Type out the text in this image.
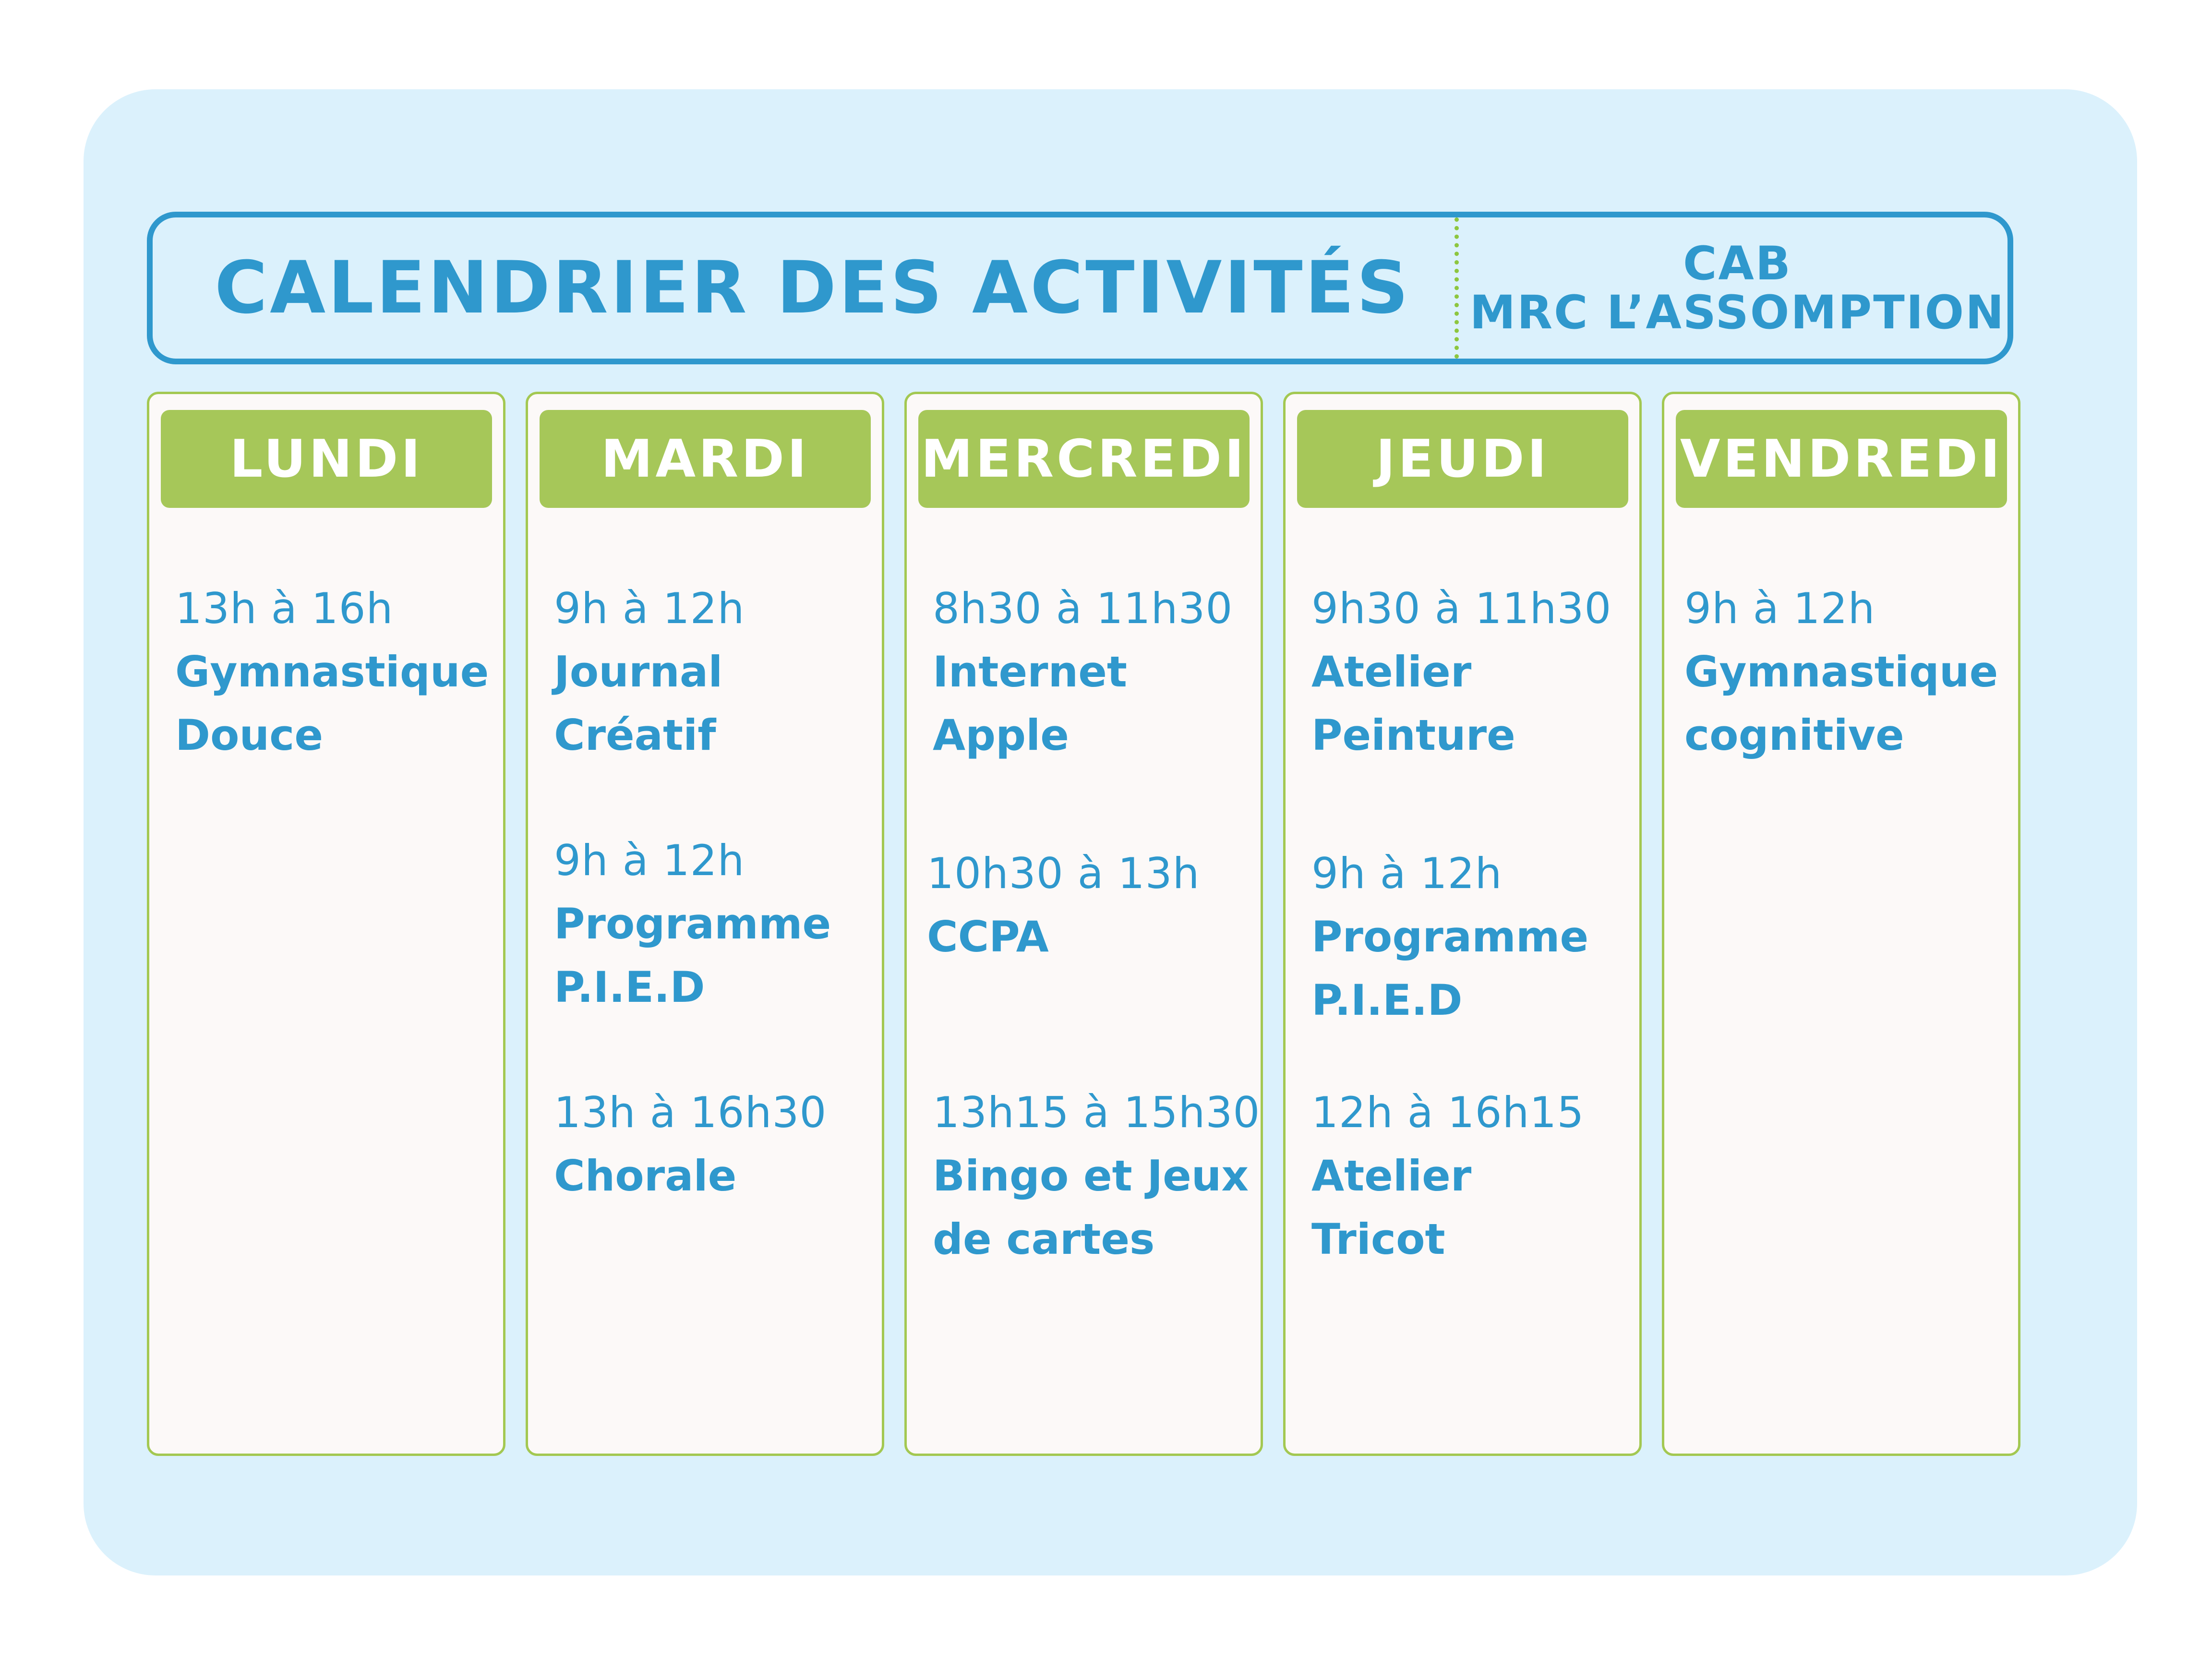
CALENDRIER DES ACTIVITÉS	CAB
MRC L’ASSOMPTION
LUNDI
13h à 16h
Gymnastique
Douce
MARDI
9h à 12h
Journal
Créatif
9h à 12h
Programme
P.I.E.D
13h à 16h30
Chorale
MERCREDI
8h30 à 11h30
Internet
Apple
10h30 à 13h
CCPA
13h15 à 15h30
Bingo et Jeux
de cartes
JEUDI
9h30 à 11h30
Atelier
Peinture
9h à 12h
Programme
P.I.E.D
12h à 16h15
Atelier
Tricot
VENDREDI
9h à 12h
Gymnastique
cognitive
